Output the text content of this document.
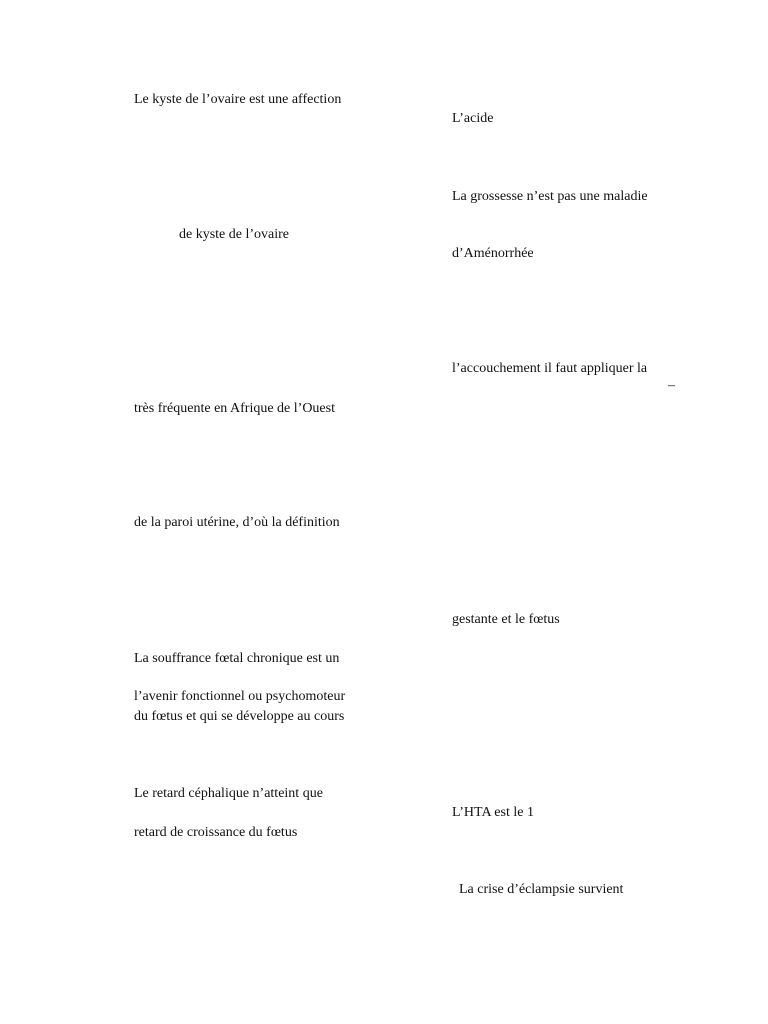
Le kyste de l’ovaire est une affection
de kyste de l’ovaire
très fréquente en Afrique de l’Ouest
de la paroi utérine, d’où la définition
La souffrance fœtal chronique est un
l’avenir fonctionnel ou psychomoteur
du fœtus et qui se développe au cours
Le retard céphalique n’atteint que
retard de croissance du fœtus
L’acide
La grossesse n’est pas une maladie
d’Aménorrhée
l’accouchement il faut appliquer la
–
gestante et le fœtus
L’HTA est le 1
La crise d’éclampsie survient
